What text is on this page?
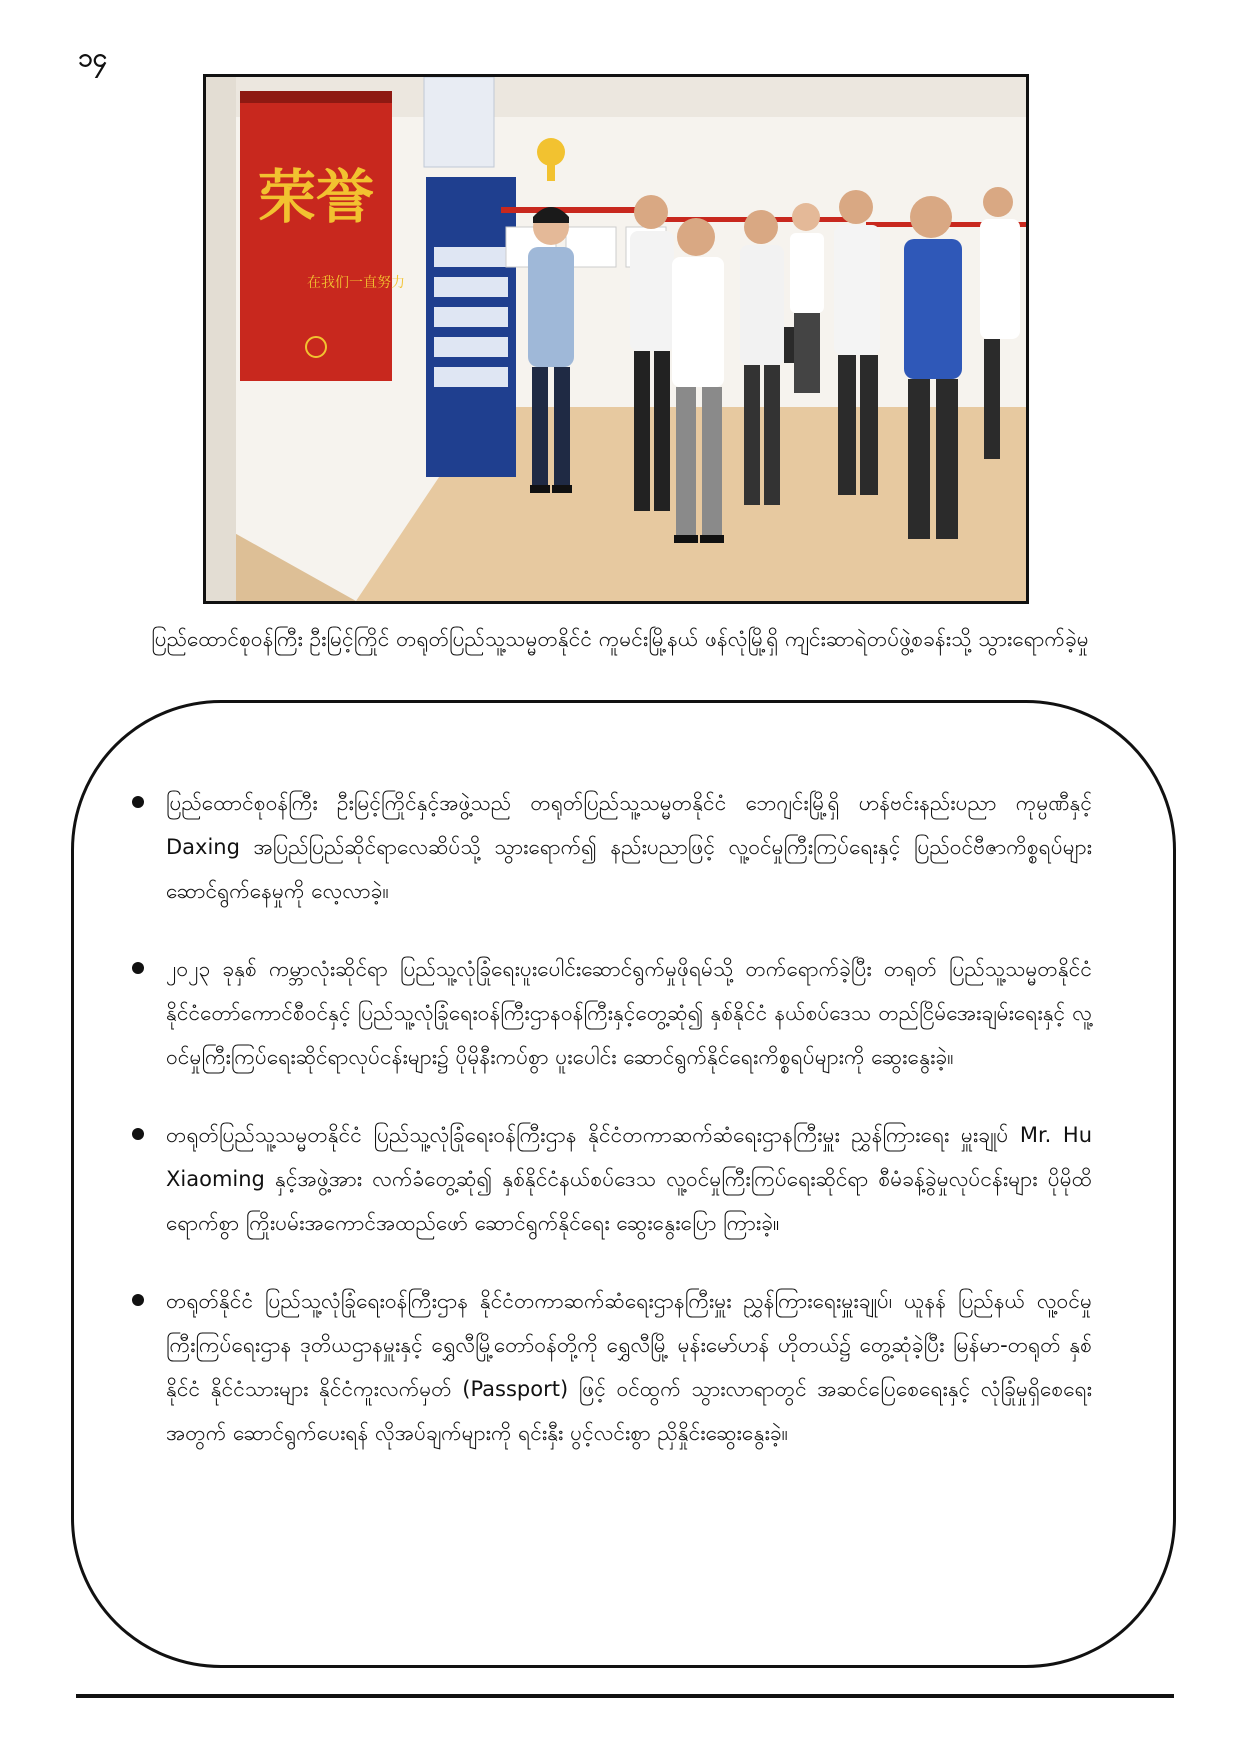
၁၄
荣誉
在我们一直努力
ပြည်ထောင်စုဝန်ကြီး ဦးမြင့်ကြိုင် တရုတ်ပြည်သူ့သမ္မတနိုင်ငံ ကူမင်းမြို့နယ် ဖန်လုံမြို့ရှိ ကျင်းဆာရဲတပ်ဖွဲ့စခန်းသို့ သွားရောက်ခဲ့မှု
ပြည်ထောင်စုဝန်ကြီး ဦးမြင့်ကြိုင်နှင့်အဖွဲ့သည် တရုတ်ပြည်သူ့သမ္မတနိုင်ငံ ဘေဂျင်းမြို့ရှိ ဟန်ဗင်းနည်းပညာ ကုမ္ပဏီနှင့် Daxing အပြည်ပြည်ဆိုင်ရာလေဆိပ်သို့ သွားရောက်၍ နည်းပညာဖြင့် လူ့ဝင်မှုကြီးကြပ်ရေးနှင့် ပြည်ဝင်ဗီဇာကိစ္စရပ်များ ဆောင်ရွက်နေမှုကို လေ့လာခဲ့။
၂၀၂၃ ခုနှစ် ကမ္ဘာလုံးဆိုင်ရာ ပြည်သူ့လုံခြုံရေးပူးပေါင်းဆောင်ရွက်မှုဖိုရမ်သို့ တက်ရောက်ခဲ့ပြီး တရုတ် ပြည်သူ့သမ္မတနိုင်ငံ နိုင်ငံတော်ကောင်စီဝင်နှင့် ပြည်သူ့လုံခြုံရေးဝန်ကြီးဌာနဝန်ကြီးနှင့်တွေ့ဆုံ၍ နှစ်နိုင်ငံ နယ်စပ်ဒေသ တည်ငြိမ်အေးချမ်းရေးနှင့် လူ့ဝင်မှုကြီးကြပ်ရေးဆိုင်ရာလုပ်ငန်းများ၌ ပိုမိုနီးကပ်စွာ ပူးပေါင်း ဆောင်ရွက်နိုင်ရေးကိစ္စရပ်များကို ဆွေးနွေးခဲ့။
တရုတ်ပြည်သူ့သမ္မတနိုင်ငံ ပြည်သူ့လုံခြုံရေးဝန်ကြီးဌာန နိုင်ငံတကာဆက်ဆံရေးဌာနကြီးမှူး ညွှန်ကြားရေး မှူးချုပ် Mr. Hu Xiaoming နှင့်အဖွဲ့အား လက်ခံတွေ့ဆုံ၍ နှစ်နိုင်ငံနယ်စပ်ဒေသ လူ့ဝင်မှုကြီးကြပ်ရေးဆိုင်ရာ စီမံခန့်ခွဲမှုလုပ်ငန်းများ ပိုမိုထိရောက်စွာ ကြိုးပမ်းအကောင်အထည်ဖော် ဆောင်ရွက်နိုင်ရေး ဆွေးနွေးပြော ကြားခဲ့။
တရုတ်နိုင်ငံ ပြည်သူ့လုံခြုံရေးဝန်ကြီးဌာန နိုင်ငံတကာဆက်ဆံရေးဌာနကြီးမှူး ညွှန်ကြားရေးမှူးချုပ်၊ ယူနန် ပြည်နယ် လူ့ဝင်မှုကြီးကြပ်ရေးဌာန ဒုတိယဌာနမှူးနှင့် ရွှေလီမြို့တော်ဝန်တို့ကို ရွှေလီမြို့ မုန်းမော်ဟန် ဟိုတယ်၌ တွေ့ဆုံခဲ့ပြီး မြန်မာ-တရုတ် နှစ်နိုင်ငံ နိုင်ငံသားများ နိုင်ငံကူးလက်မှတ် (Passport) ဖြင့် ဝင်ထွက် သွားလာရာတွင် အဆင်ပြေစေရေးနှင့် လုံခြုံမှုရှိစေရေးအတွက် ဆောင်ရွက်ပေးရန် လိုအပ်ချက်များကို ရင်းနှီး ပွင့်လင်းစွာ ညှိနှိုင်းဆွေးနွေးခဲ့။
